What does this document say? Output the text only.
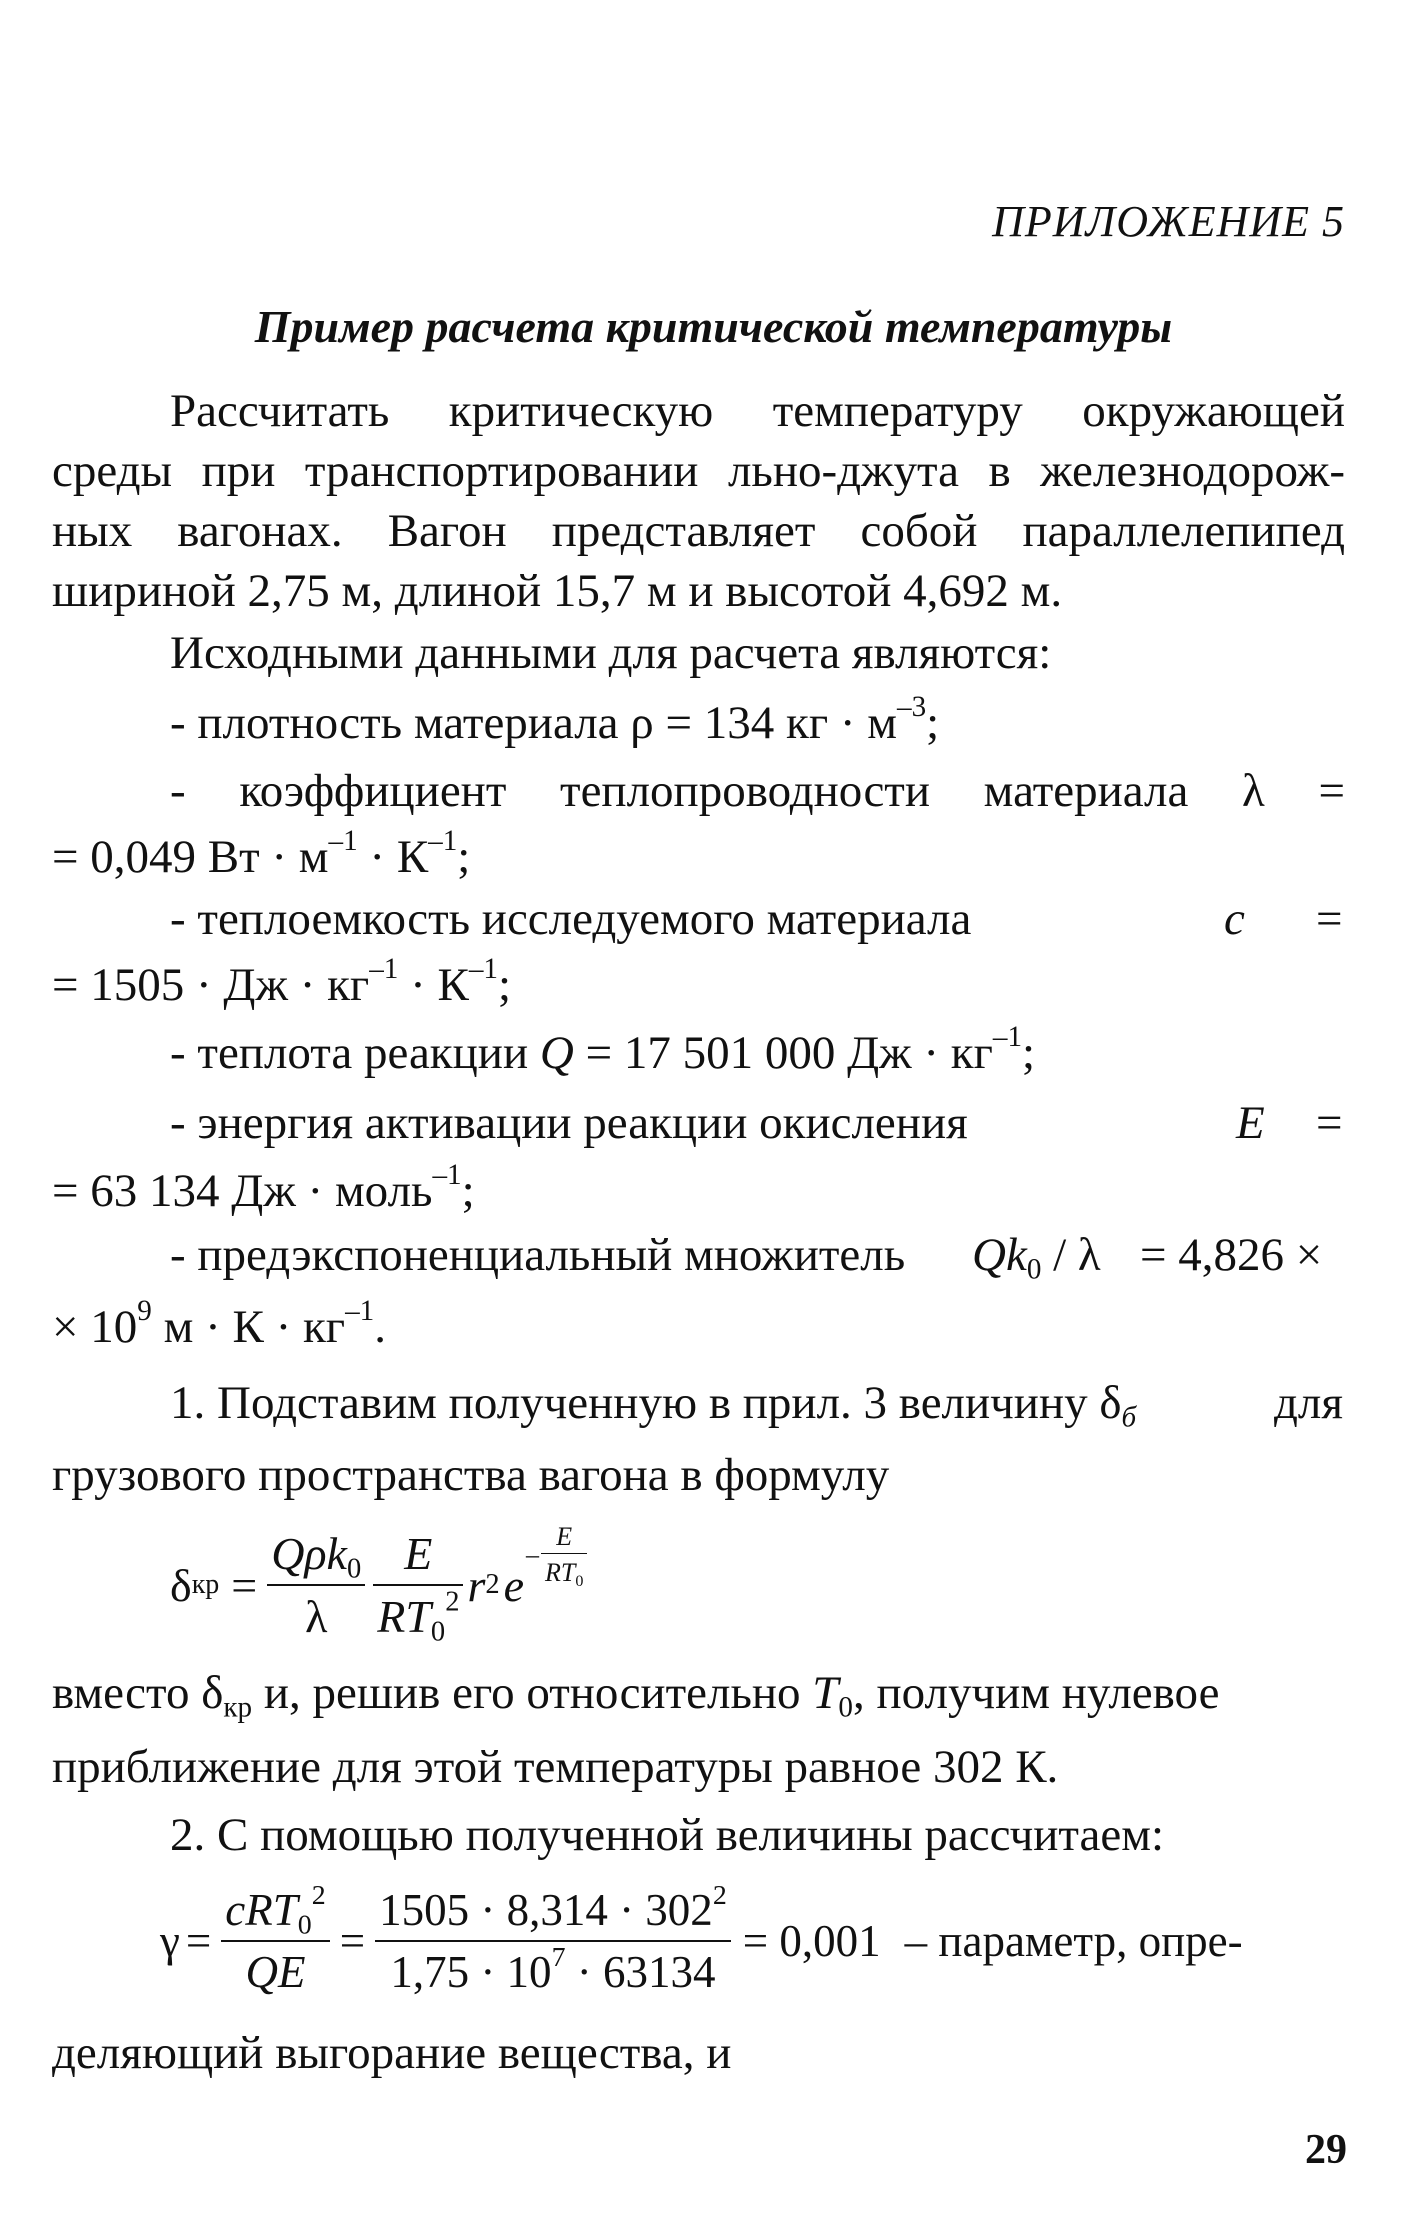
ПРИЛОЖЕНИЕ 5
Пример расчета критической температуры
Рассчитать критическую температуру окружающей
среды при транспортировании льно-джута в железнодорож-
ных вагонах. Вагон представляет собой параллелепипед
шириной 2,75 м, длиной 15,7 м и высотой 4,692 м.
Исходными данными для расчета являются:
- плотность материала ρ = 134 кг · $м^{-3}$;
- коэффициент теплопроводности материала λ =
= 0,049 Вт · $м^{-1} \cdot К^{-1}$;
- теплоемкость исследуемого материала	c =
= 1505 · Дж · $кг^{-1} \cdot К^{-1}$;
- теплота реакции Q = 17 501 000 Дж · $кг^{-1}$;
- энергия активации реакции окисления	E =
= 63 134 Дж · моль$^{-1}$;
- предэкспоненциальный множитель $Qk_0 / \lambda = 4,826$ ×
× $10^9$ $м \cdot К \cdot кг^{-1}$.
1. Подставим полученную в прил. 3 величину $\delta_б$	для
грузового пространства вагона в формулу
δ кр = $\frac{Q\rho k_0}{\lambda} \frac{E}{RT_0^2}$ r 2 e
– $\frac{E}{RT_0}$
вместо $\delta_{кр}$ и, решив его относительно $T_0$, получим нулевое
приближение для этой температуры равное 302 К.
2. С помощью полученной величины рассчитаем:
$\gamma = \frac{cRT_0^2}{QE} = \frac{1505 \cdot 8,314 \cdot 302^2}{1,75 \cdot 10^7 \cdot 63134} = 0,001$ – параметр, опре-
деляющий выгорание вещества, и
29
